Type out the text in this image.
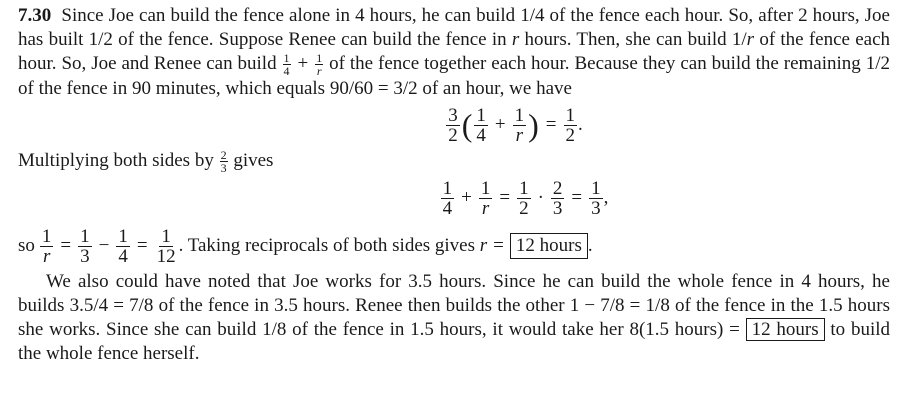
7.30 Since Joe can build the fence alone in 4 hours, he can build 1/4 of the fence each hour. So, after 2 hours, Joe has built 1/2 of the fence. Suppose Renee can build the fence in r hours. Then, she can build 1/r of the fence each hour. So, Joe and Renee can build $\frac{1}{4} + \frac{1}{r}$ of the fence together each hour. Because they can build the remaining 1/2 of the fence in 90 minutes, which equals 90/60 = 3/2 of an hour, we have

$\frac{3}{2}$ ( $\frac{1}{4} + \frac{1}{r}$ ) = $\frac{1}{2}$ .

Multiplying both sides by $\frac{2}{3}$ gives

$\frac{1}{4} + \frac{1}{r} = \frac{1}{2} \cdot \frac{2}{3} = \frac{1}{3}$ ,
so $\frac{1}{r} = \frac{1}{3} - \frac{1}{4} = \frac{1}{12}$ . Taking reciprocals of both sides gives r = 12 hours .

We also could have noted that Joe works for 3.5 hours. Since he can build the whole fence in 4 hours, he builds 3.5/4 = 7/8 of the fence in 3.5 hours. Renee then builds the other 1 − 7/8 = 1/8 of the fence in the 1.5 hours she works. Since she can build 1/8 of the fence in 1.5 hours, it would take her 8(1.5 hours) = 12 hours to build the whole fence herself.
